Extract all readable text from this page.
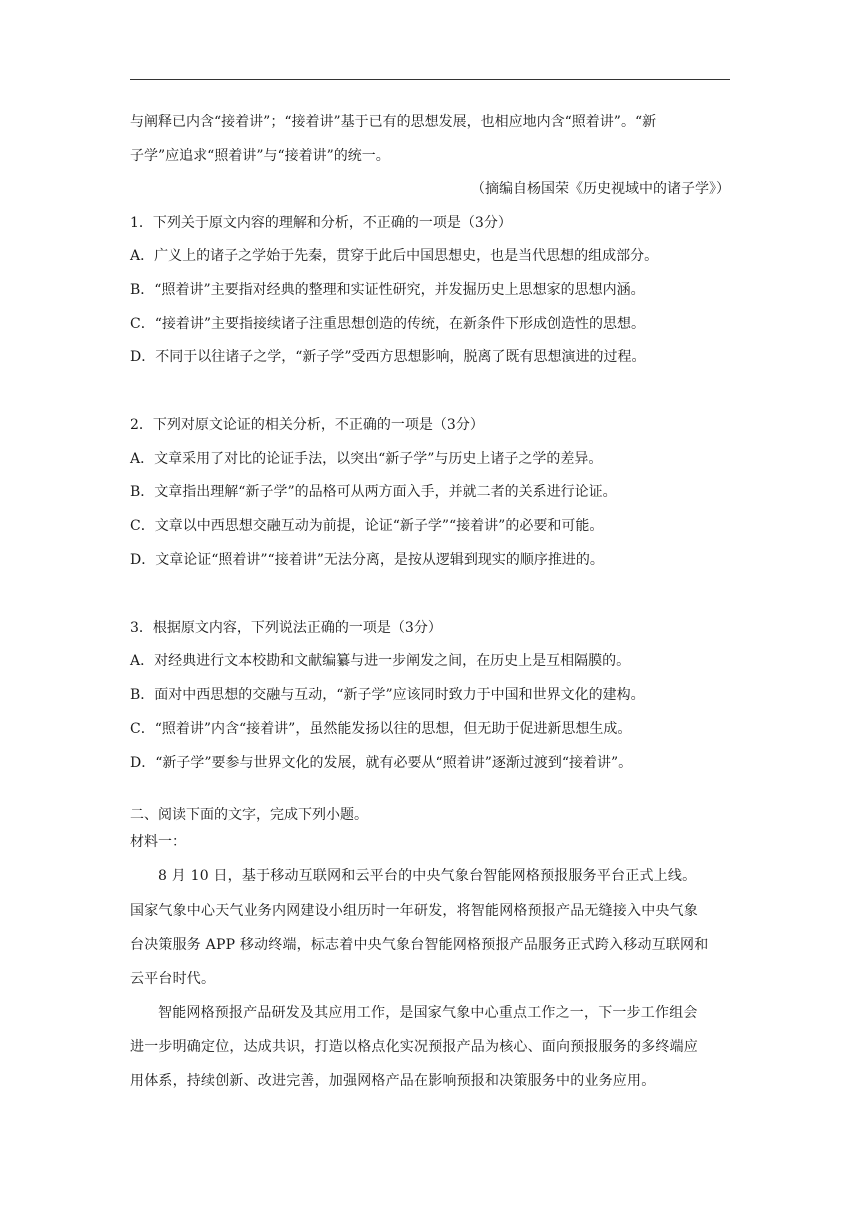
与阐释已内含“接着讲”；“接着讲”基于已有的思想发展，也相应地内含“照着讲”。“新
子学”应追求“照着讲”与“接着讲”的统一。
（摘编自杨国荣《历史视域中的诸子学》）
1．下列关于原文内容的理解和分析，不正确的一项是（3分）
A．广义上的诸子之学始于先秦，贯穿于此后中国思想史，也是当代思想的组成部分。
B．“照着讲”主要指对经典的整理和实证性研究，并发掘历史上思想家的思想内涵。
C．“接着讲”主要指接续诸子注重思想创造的传统，在新条件下形成创造性的思想。
D．不同于以往诸子之学，“新子学”受西方思想影响，脱离了既有思想演进的过程。
2．下列对原文论证的相关分析，不正确的一项是（3分）
A．文章采用了对比的论证手法，以突出“新子学”与历史上诸子之学的差异。
B．文章指出理解“新子学”的品格可从两方面入手，并就二者的关系进行论证。
C．文章以中西思想交融互动为前提，论证“新子学”“接着讲”的必要和可能。
D．文章论证“照着讲”“接着讲”无法分离，是按从逻辑到现实的顺序推进的。
3．根据原文内容，下列说法正确的一项是（3分）
A．对经典进行文本校勘和文献编纂与进一步阐发之间，在历史上是互相隔膜的。
B．面对中西思想的交融与互动，“新子学”应该同时致力于中国和世界文化的建构。
C．“照着讲”内含“接着讲”，虽然能发扬以往的思想，但无助于促进新思想生成。
D．“新子学”要参与世界文化的发展，就有必要从“照着讲”逐渐过渡到“接着讲”。
二、阅读下面的文字，完成下列小题。
材料一：
8 月 10 日，基于移动互联网和云平台的中央气象台智能网格预报服务平台正式上线。
国家气象中心天气业务内网建设小组历时一年研发，将智能网格预报产品无缝接入中央气象
台决策服务 APP 移动终端，标志着中央气象台智能网格预报产品服务正式跨入移动互联网和
云平台时代。
智能网格预报产品研发及其应用工作，是国家气象中心重点工作之一，下一步工作组会
进一步明确定位，达成共识，打造以格点化实况预报产品为核心、面向预报服务的多终端应
用体系，持续创新、改进完善，加强网格产品在影响预报和决策服务中的业务应用。
